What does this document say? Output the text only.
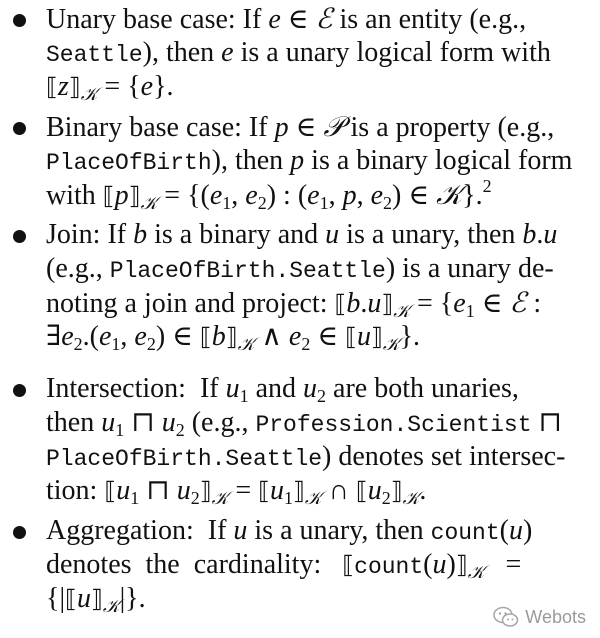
Unary base case: If e ∈ ℰ is an entity (e.g.,
Seattle), then e is a unary logical form with
$⟦z⟧_𝒦 = \{e\}$.
Binary base case: If p ∈ 𝒫 is a property (e.g.,
PlaceOfBirth), then p is a binary logical form
with $⟦p⟧_𝒦 = \{(e_1$, $e_2$) : ($e_1$, p, $e_2$) ∈ 𝒦}.$^2$
Join: If b is a binary and u is a unary, then b.u
(e.g., PlaceOfBirth.Seattle) is a unary de-
noting a join and project: $⟦b.u⟧_𝒦 = \{e_1$ ∈ ℰ :
$\exists e_2.(e_1$, $e_2$) ∈ $⟦b⟧_𝒦$ ∧ $e_2$ ∈ $⟦u⟧_𝒦$}.
Intersection:  If $u_1$ and $u_2$ are both unaries,
then $u_1$ ⊓ $u_2$ (e.g., Profession.Scientist ⊓
PlaceOfBirth.Seattle) denotes set intersec-
tion: $⟦u_1$ ⊓ $u_2⟧_𝒦$ = $⟦u_1⟧_𝒦$ ∩ $⟦u_2⟧_𝒦$.
Aggregation:  If u is a unary, then count(u)
denotes  the  cardinality:   $⟦count(u)⟧_𝒦$   =
$\{|⟦u⟧_𝒦|\}$.
Webots
